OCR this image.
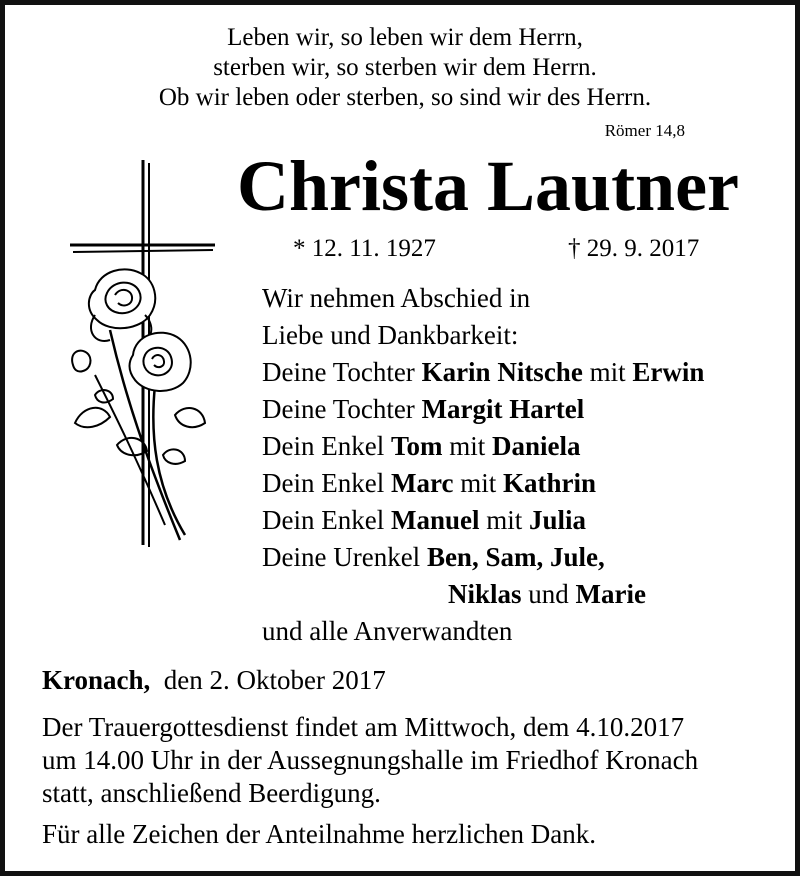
Leben wir, so leben wir dem Herrn,
sterben wir, so sterben wir dem Herrn.
Ob wir leben oder sterben, so sind wir des Herrn.
Römer 14,8
Christa Lautner
* 12. 11. 1927	† 29. 9. 2017
Wir nehmen Abschied in
Liebe und Dankbarkeit:
Deine Tochter Karin Nitsche mit Erwin
Deine Tochter Margit Hartel
Dein Enkel Tom mit Daniela
Dein Enkel Marc mit Kathrin
Dein Enkel Manuel mit Julia
Deine Urenkel Ben, Sam, Jule,
Niklas und Marie
und alle Anverwandten
Kronach, den 2. Oktober 2017
Der Trauergottesdienst findet am Mittwoch, dem 4.10.2017
um 14.00 Uhr in der Aussegnungshalle im Friedhof Kronach
statt, anschließend Beerdigung.
Für alle Zeichen der Anteilnahme herzlichen Dank.
